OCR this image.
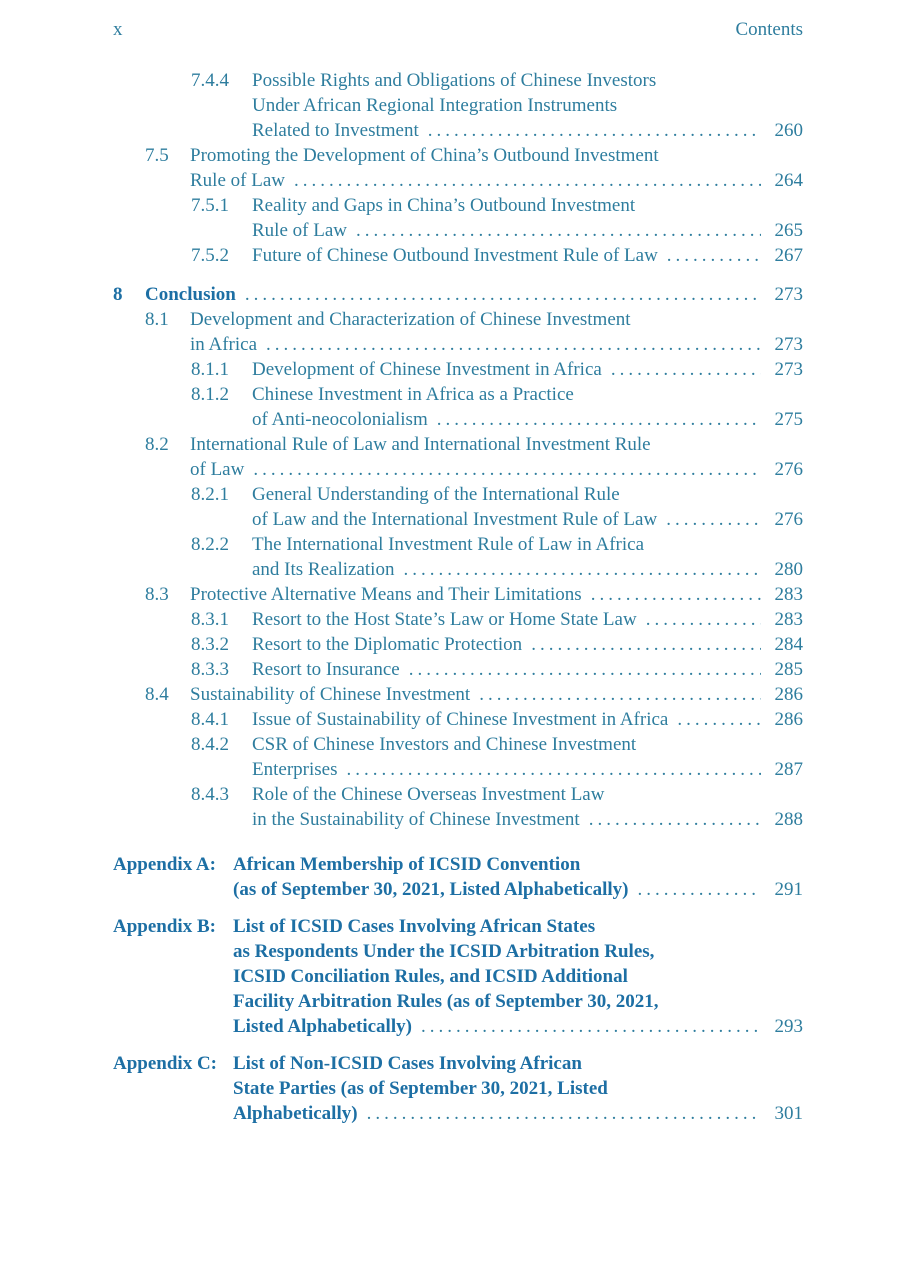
x	Contents
7.4.4	Possible Rights and Obligations of Chinese Investors
Under African Regional Integration Instruments
Related to Investment .....	260
7.5	Promoting the Development of China’s Outbound Investment
Rule of Law .....	264
7.5.1	Reality and Gaps in China’s Outbound Investment
Rule of Law .....	265
7.5.2	Future of Chinese Outbound Investment Rule of Law .....	267
8	Conclusion .....	273
8.1	Development and Characterization of Chinese Investment
in Africa .....	273
8.1.1	Development of Chinese Investment in Africa .....	273
8.1.2	Chinese Investment in Africa as a Practice
of Anti-neocolonialism .....	275
8.2	International Rule of Law and International Investment Rule
of Law .....	276
8.2.1	General Understanding of the International Rule
of Law and the International Investment Rule of Law .....	276
8.2.2	The International Investment Rule of Law in Africa
and Its Realization .....	280
8.3	Protective Alternative Means and Their Limitations .....	283
8.3.1	Resort to the Host State’s Law or Home State Law .....	283
8.3.2	Resort to the Diplomatic Protection .....	284
8.3.3	Resort to Insurance .....	285
8.4	Sustainability of Chinese Investment .....	286
8.4.1	Issue of Sustainability of Chinese Investment in Africa .....	286
8.4.2	CSR of Chinese Investors and Chinese Investment
Enterprises .....	287
8.4.3	Role of the Chinese Overseas Investment Law
in the Sustainability of Chinese Investment .....	288
Appendix A: African Membership of ICSID Convention
(as of September 30, 2021, Listed Alphabetically) .....	291
Appendix B: List of ICSID Cases Involving African States
as Respondents Under the ICSID Arbitration Rules,
ICSID Conciliation Rules, and ICSID Additional
Facility Arbitration Rules (as of September 30, 2021,
Listed Alphabetically) .....	293
Appendix C: List of Non-ICSID Cases Involving African
State Parties (as of September 30, 2021, Listed
Alphabetically) .....	301
